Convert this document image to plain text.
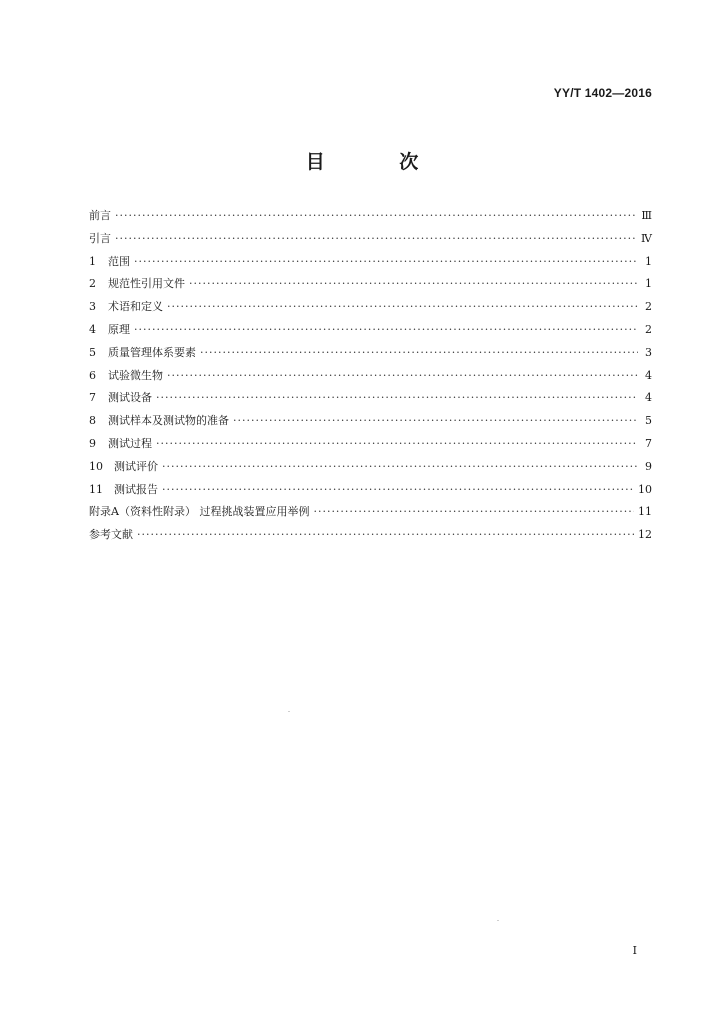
YY/T 1402—2016
目 次
前言 ·····	Ⅲ
引言 ·····	Ⅳ
1 范围 ·····	1
2 规范性引用文件 ·····	1
3 术语和定义 ·····	2
4 原理 ·····	2
5 质量管理体系要素 ·····	3
6 试验微生物 ·····	4
7 测试设备 ·····	4
8 测试样本及测试物的准备 ·····	5
9 测试过程 ·····	7
10 测试评价 ·····	9
11 测试报告 ·····	10
附录A（资料性附录） 过程挑战装置应用举例 ·····	11
参考文献 ·····	12
I
